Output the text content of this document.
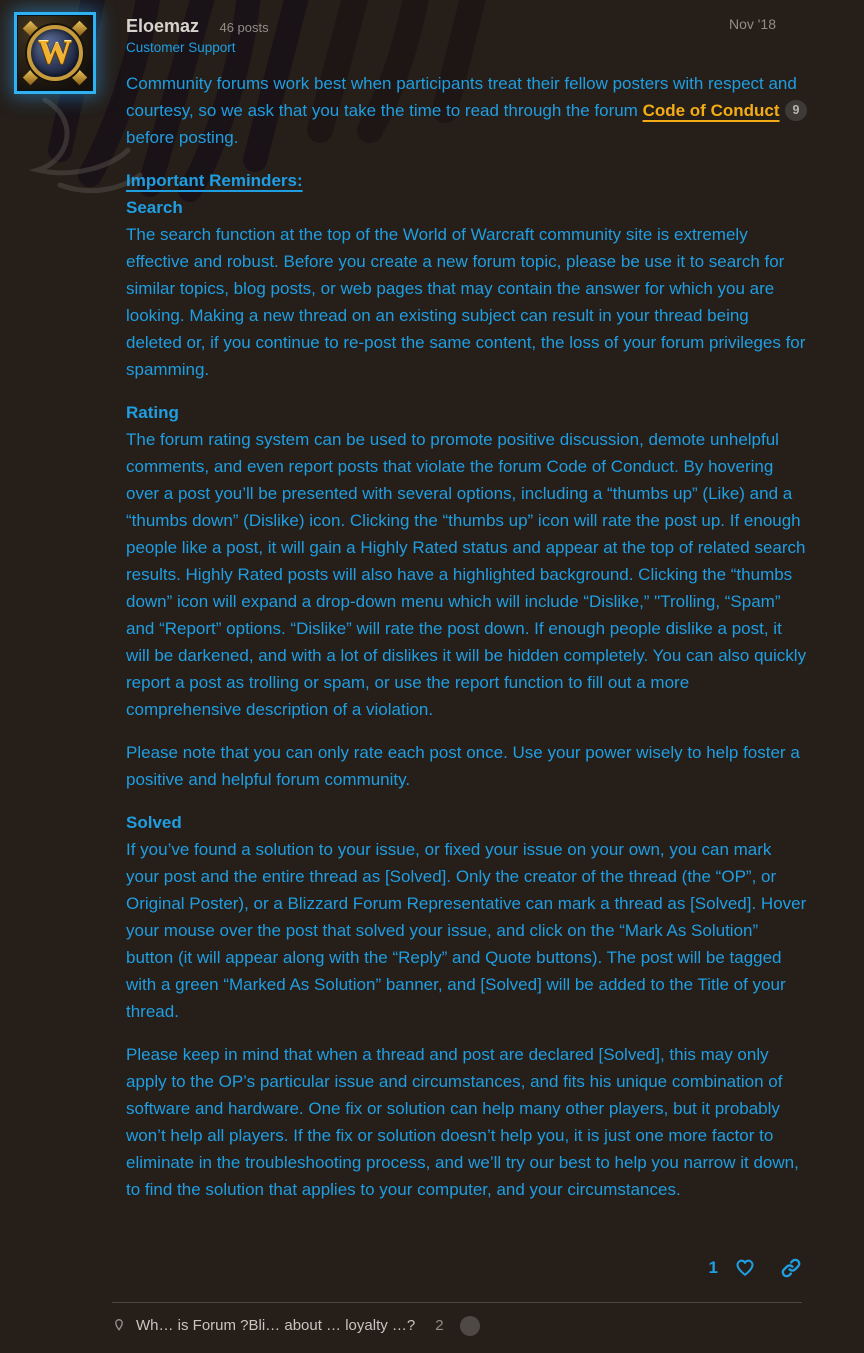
W
Nov '18
Eloemaz 46 posts
Customer Support

Community forums work best when participants treat their fellow posters with respect and courtesy, so we ask that you take the time to read through the forum Code of Conduct 9 before posting.

Important Reminders:
Search
The search function at the top of the World of Warcraft community site is extremely effective and robust. Before you create a new forum topic, please be use it to search for similar topics, blog posts, or web pages that may contain the answer for which you are looking. Making a new thread on an existing subject can result in your thread being deleted or, if you continue to re-post the same content, the loss of your forum privileges for spamming.
Rating
The forum rating system can be used to promote positive discussion, demote unhelpful comments, and even report posts that violate the forum Code of Conduct. By hovering over a post you’ll be presented with several options, including a “thumbs up” (Like) and a “thumbs down” (Dislike) icon. Clicking the “thumbs up” icon will rate the post up. If enough people like a post, it will gain a Highly Rated status and appear at the top of related search results. Highly Rated posts will also have a highlighted background. Clicking the “thumbs down” icon will expand a drop-down menu which will include “Dislike,” "Trolling, “Spam” and “Report” options. “Dislike” will rate the post down. If enough people dislike a post, it will be darkened, and with a lot of dislikes it will be hidden completely. You can also quickly report a post as trolling or spam, or use the report function to fill out a more comprehensive description of a violation.

Please note that you can only rate each post once. Use your power wisely to help foster a positive and helpful forum community.

Solved
If you’ve found a solution to your issue, or fixed your issue on your own, you can mark your post and the entire thread as [Solved]. Only the creator of the thread (the “OP”, or Original Poster), or a Blizzard Forum Representative can mark a thread as [Solved]. Hover your mouse over the post that solved your issue, and click on the “Mark As Solution” button (it will appear along with the “Reply” and Quote buttons). The post will be tagged with a green “Marked As Solution” banner, and [Solved] will be added to the Title of your thread.

Please keep in mind that when a thread and post are declared [Solved], this may only apply to the OP’s particular issue and circumstances, and fits his unique combination of software and hardware. One fix or solution can help many other players, but it probably won’t help all players. If the fix or solution doesn’t help you, it is just one more factor to eliminate in the troubleshooting process, and we’ll try our best to help you narrow it down, to find the solution that applies to your computer, and your circumstances.

1
Wh… is Forum ?Bli… about … loyalty …? 2
